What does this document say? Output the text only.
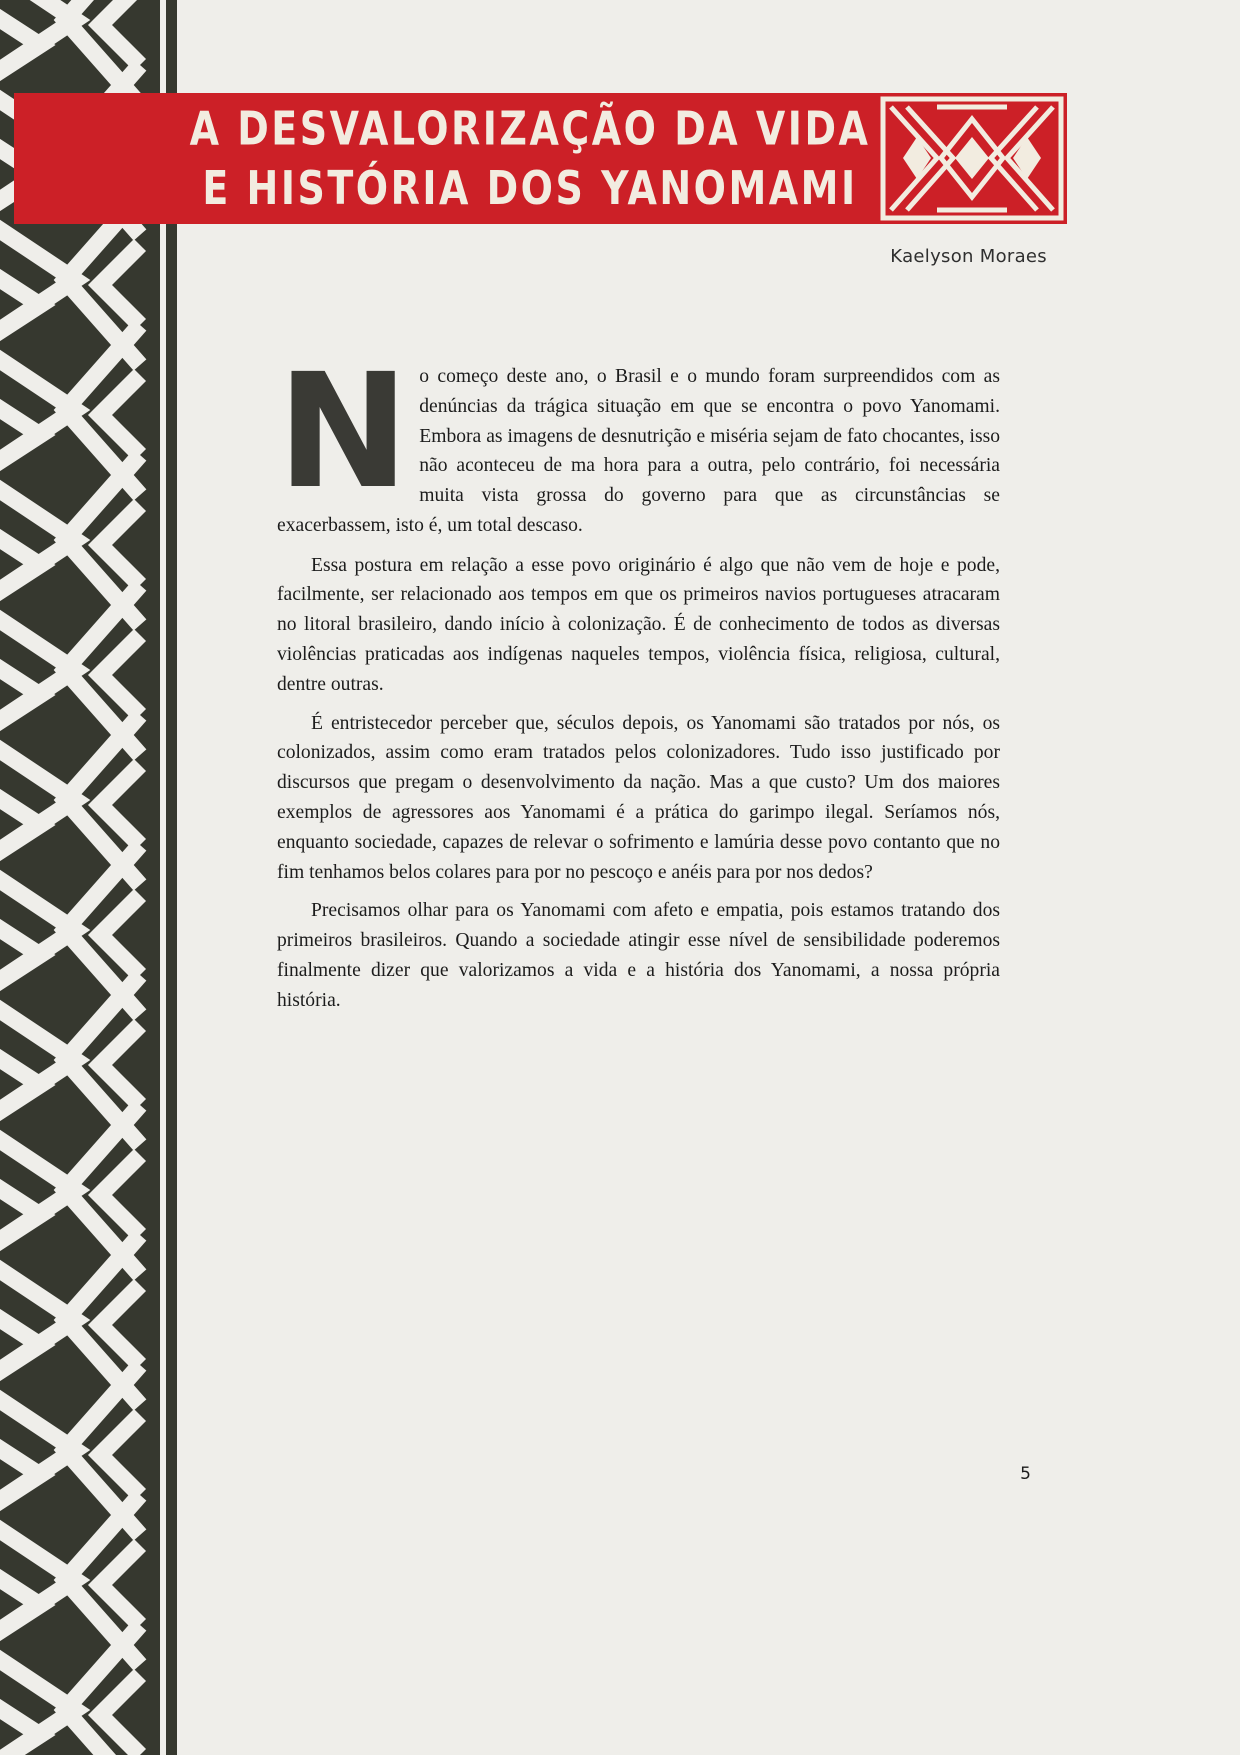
A DESVALORIZAÇÃO DA VIDA
E HISTÓRIA DOS YANOMAMI
Kaelyson Moraes

No começo deste ano, o Brasil e o mundo foram surpreendidos com as denúncias da trágica situação em que se encontra o povo Yanomami. Embora as imagens de desnutrição e miséria sejam de fato chocantes, isso não aconteceu de ma hora para a outra, pelo contrário, foi necessária muita vista grossa do governo para que as circunstâncias se exacerbassem, isto é, um total descaso.

Essa postura em relação a esse povo originário é algo que não vem de hoje e pode, facilmente, ser relacionado aos tempos em que os primeiros navios portugueses atracaram no litoral brasileiro, dando início à colonização. É de conhecimento de todos as diversas violências praticadas aos indígenas naqueles tempos, violência física, religiosa, cultural, dentre outras.

É entristecedor perceber que, séculos depois, os Yanomami são tratados por nós, os colonizados, assim como eram tratados pelos colonizadores. Tudo isso justificado por discursos que pregam o desenvolvimento da nação. Mas a que custo? Um dos maiores exemplos de agressores aos Yanomami é a prática do garimpo ilegal. Seríamos nós, enquanto sociedade, capazes de relevar o sofrimento e lamúria desse povo contanto que no fim tenhamos belos colares para por no pescoço e anéis para por nos dedos?

Precisamos olhar para os Yanomami com afeto e empatia, pois estamos tratando dos primeiros brasileiros. Quando a sociedade atingir esse nível de sensibilidade poderemos finalmente dizer que valorizamos a vida e a história dos Yanomami, a nossa própria história.

5
